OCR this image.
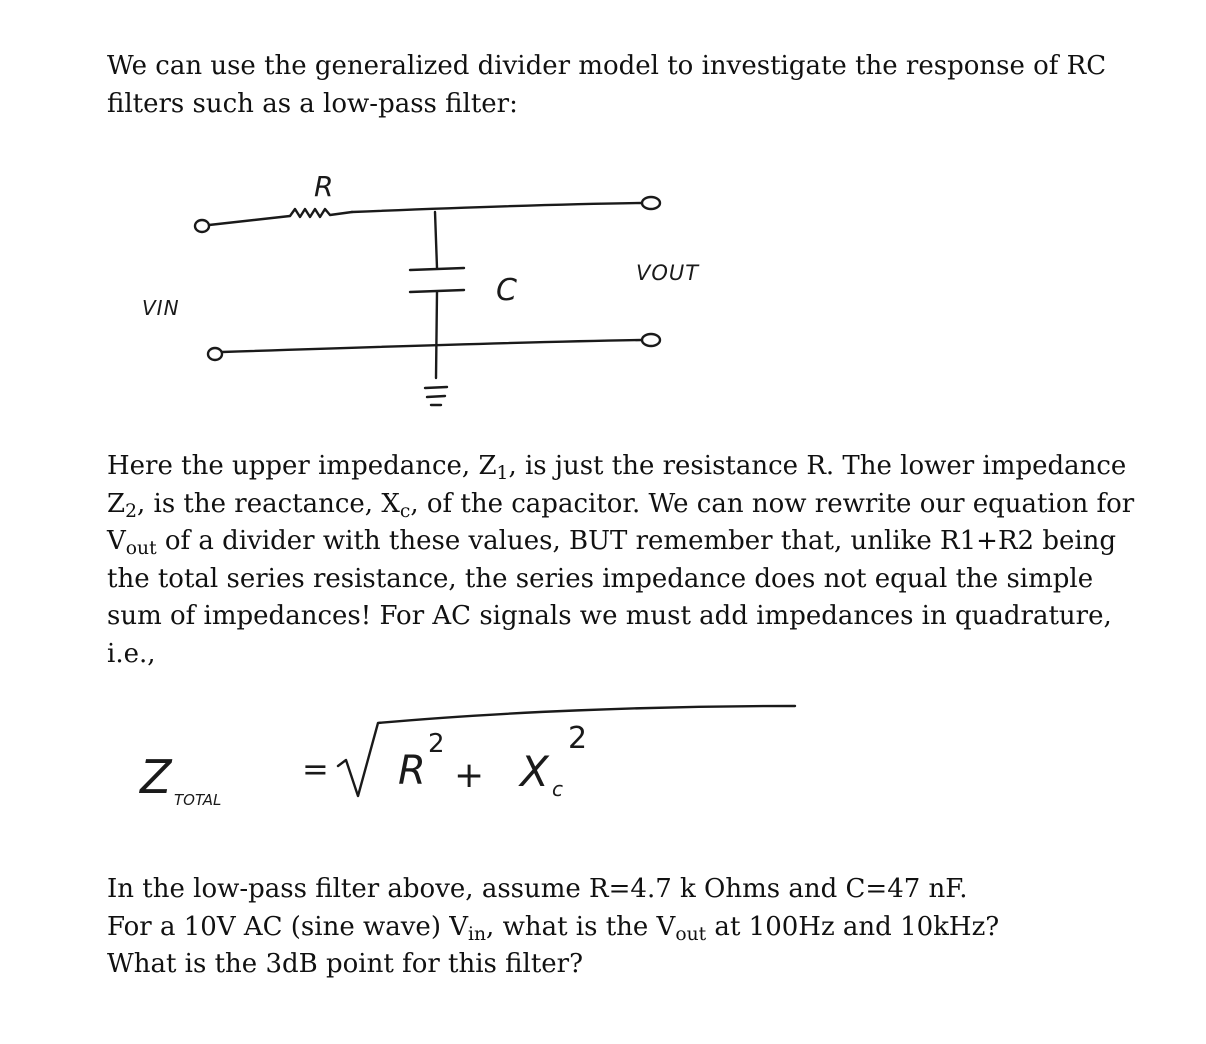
We can use the generalized divider model to investigate the response of RC
filters such as a low-pass filter:

R
C
VIN
VOUT

Here the upper impedance, $Z_1$, is just the resistance R. The lower impedance
$Z_2$, is the reactance, $X_c$, of the capacitor. We can now rewrite our equation for
$V_{out}$ of a divider with these values, BUT remember that, unlike R1+R2 being
the total series resistance, the series impedance does not equal the simple
sum of impedances! For AC signals we must add impedances in quadrature,
i.e.,

Z TOTAL
= R
2
+ X c
2

In the low-pass filter above, assume R=4.7 k Ohms and C=47 nF.
For a 10V AC (sine wave) $V_{in}$, what is the $V_{out}$ at 100Hz and 10kHz?
What is the 3dB point for this filter?
